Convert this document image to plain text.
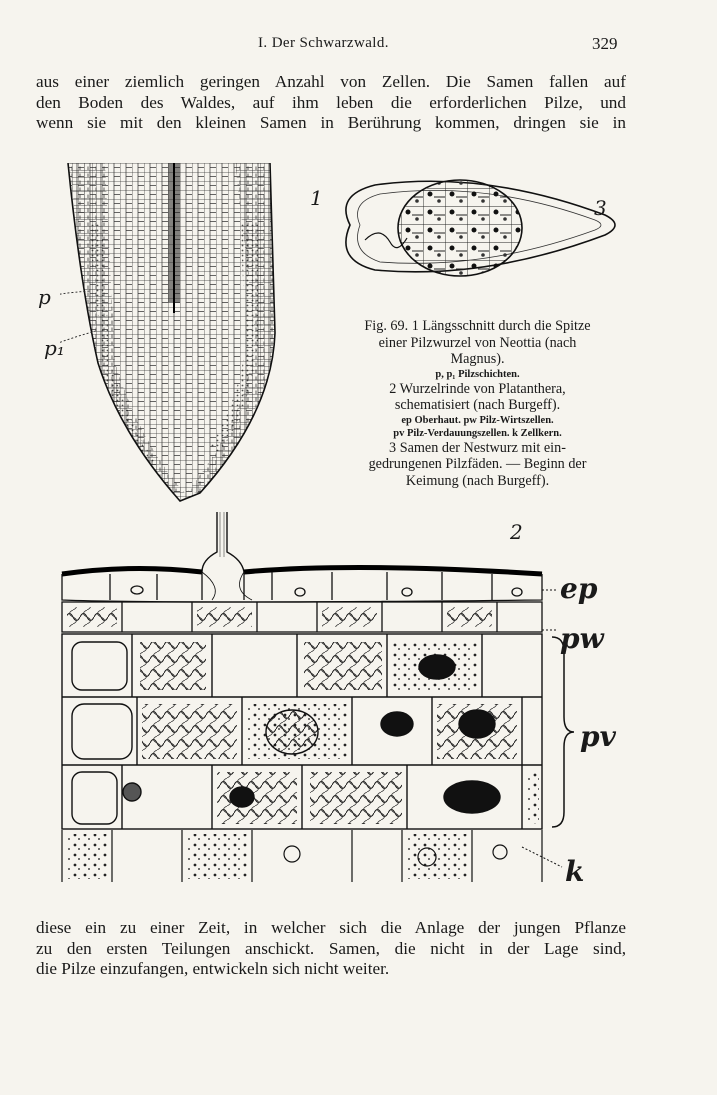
I. Der Schwarzwald.	329
aus einer ziemlich geringen Anzahl von Zellen. Die Samen fallen auf
den Boden des Waldes, auf ihm leben die erforderlichen Pilze, und
wenn sie mit den kleinen Samen in Berührung kommen, dringen sie in
1
p
p₁
3
Fig. 69. 1 Längsschnitt durch die Spitze
einer Pilzwurzel von Neottia (nach
Magnus).
p, p₁ Pilzschichten.
2 Wurzelrinde von Platanthera,
schematisiert (nach Burgeff).
ep Oberhaut. pw Pilz-Wirtszellen.
pv Pilz-Verdauungszellen. k Zellkern.
3 Samen der Nestwurz mit ein-
gedrungenen Pilzfäden. — Beginn der
Keimung (nach Burgeff).
2
ep
pw
pv
k
diese ein zu einer Zeit, in welcher sich die Anlage der jungen Pflanze
zu den ersten Teilungen anschickt. Samen, die nicht in der Lage sind,
die Pilze einzufangen, entwickeln sich nicht weiter.
